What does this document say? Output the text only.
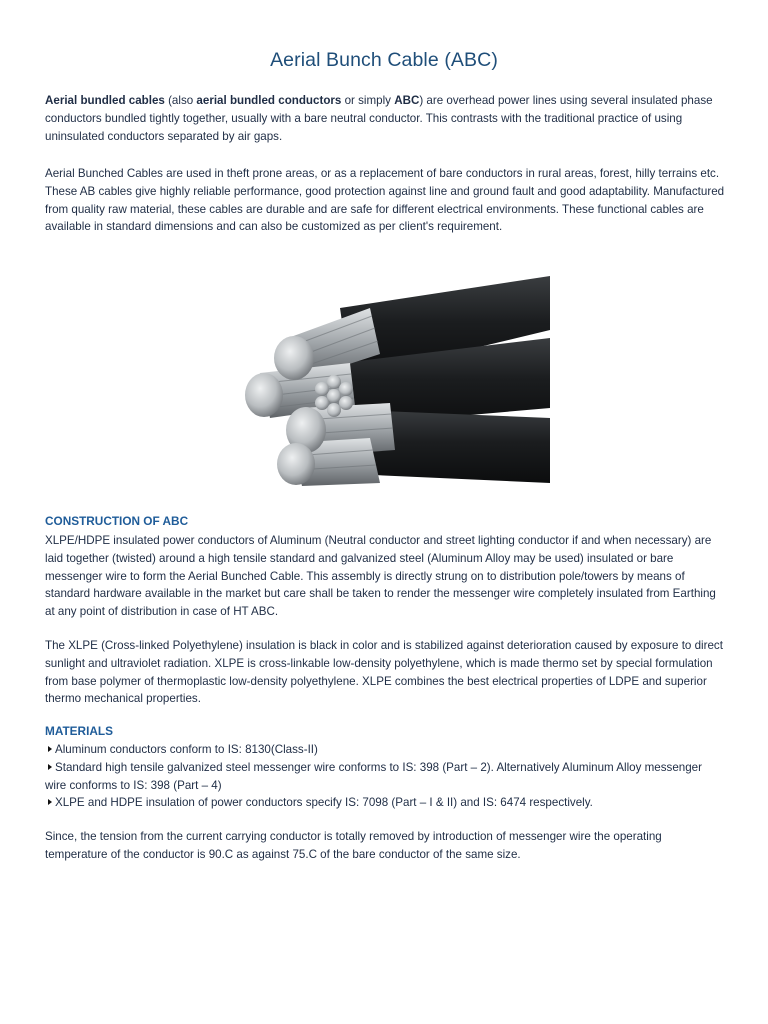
Aerial Bunch Cable (ABC)
Aerial bundled cables (also aerial bundled conductors or simply ABC) are overhead power lines using several insulated phase conductors bundled tightly together, usually with a bare neutral conductor. This contrasts with the traditional practice of using uninsulated conductors separated by air gaps.
Aerial Bunched Cables are used in theft prone areas, or as a replacement of bare conductors in rural areas, forest, hilly terrains etc. These AB cables give highly reliable performance, good protection against line and ground fault and good adaptability. Manufactured from quality raw material, these cables are durable and are safe for different electrical environments. These functional cables are available in standard dimensions and can also be customized as per client's requirement.
CONSTRUCTION OF ABC
XLPE/HDPE insulated power conductors of Aluminum (Neutral conductor and street lighting conductor if and when necessary) are laid together (twisted) around a high tensile standard and galvanized steel (Aluminum Alloy may be used) insulated or bare messenger wire to form the Aerial Bunched Cable. This assembly is directly strung on to distribution pole/towers by means of standard hardware available in the market but care shall be taken to render the messenger wire completely insulated from Earthing at any point of distribution in case of HT ABC.
The XLPE (Cross-linked Polyethylene) insulation is black in color and is stabilized against deterioration caused by exposure to direct sunlight and ultraviolet radiation. XLPE is cross-linkable low-density polyethylene, which is made thermo set by special formulation from base polymer of thermoplastic low-density polyethylene. XLPE combines the best electrical properties of LDPE and superior thermo mechanical properties.
MATERIALS
Aluminum conductors conform to IS: 8130(Class-II)
Standard high tensile galvanized steel messenger wire conforms to IS: 398 (Part – 2). Alternatively Aluminum Alloy messenger wire conforms to IS: 398 (Part – 4)
XLPE and HDPE insulation of power conductors specify IS: 7098 (Part – I & II) and IS: 6474 respectively.
Since, the tension from the current carrying conductor is totally removed by introduction of messenger wire the operating temperature of the conductor is 90.C as against 75.C of the bare conductor of the same size.
